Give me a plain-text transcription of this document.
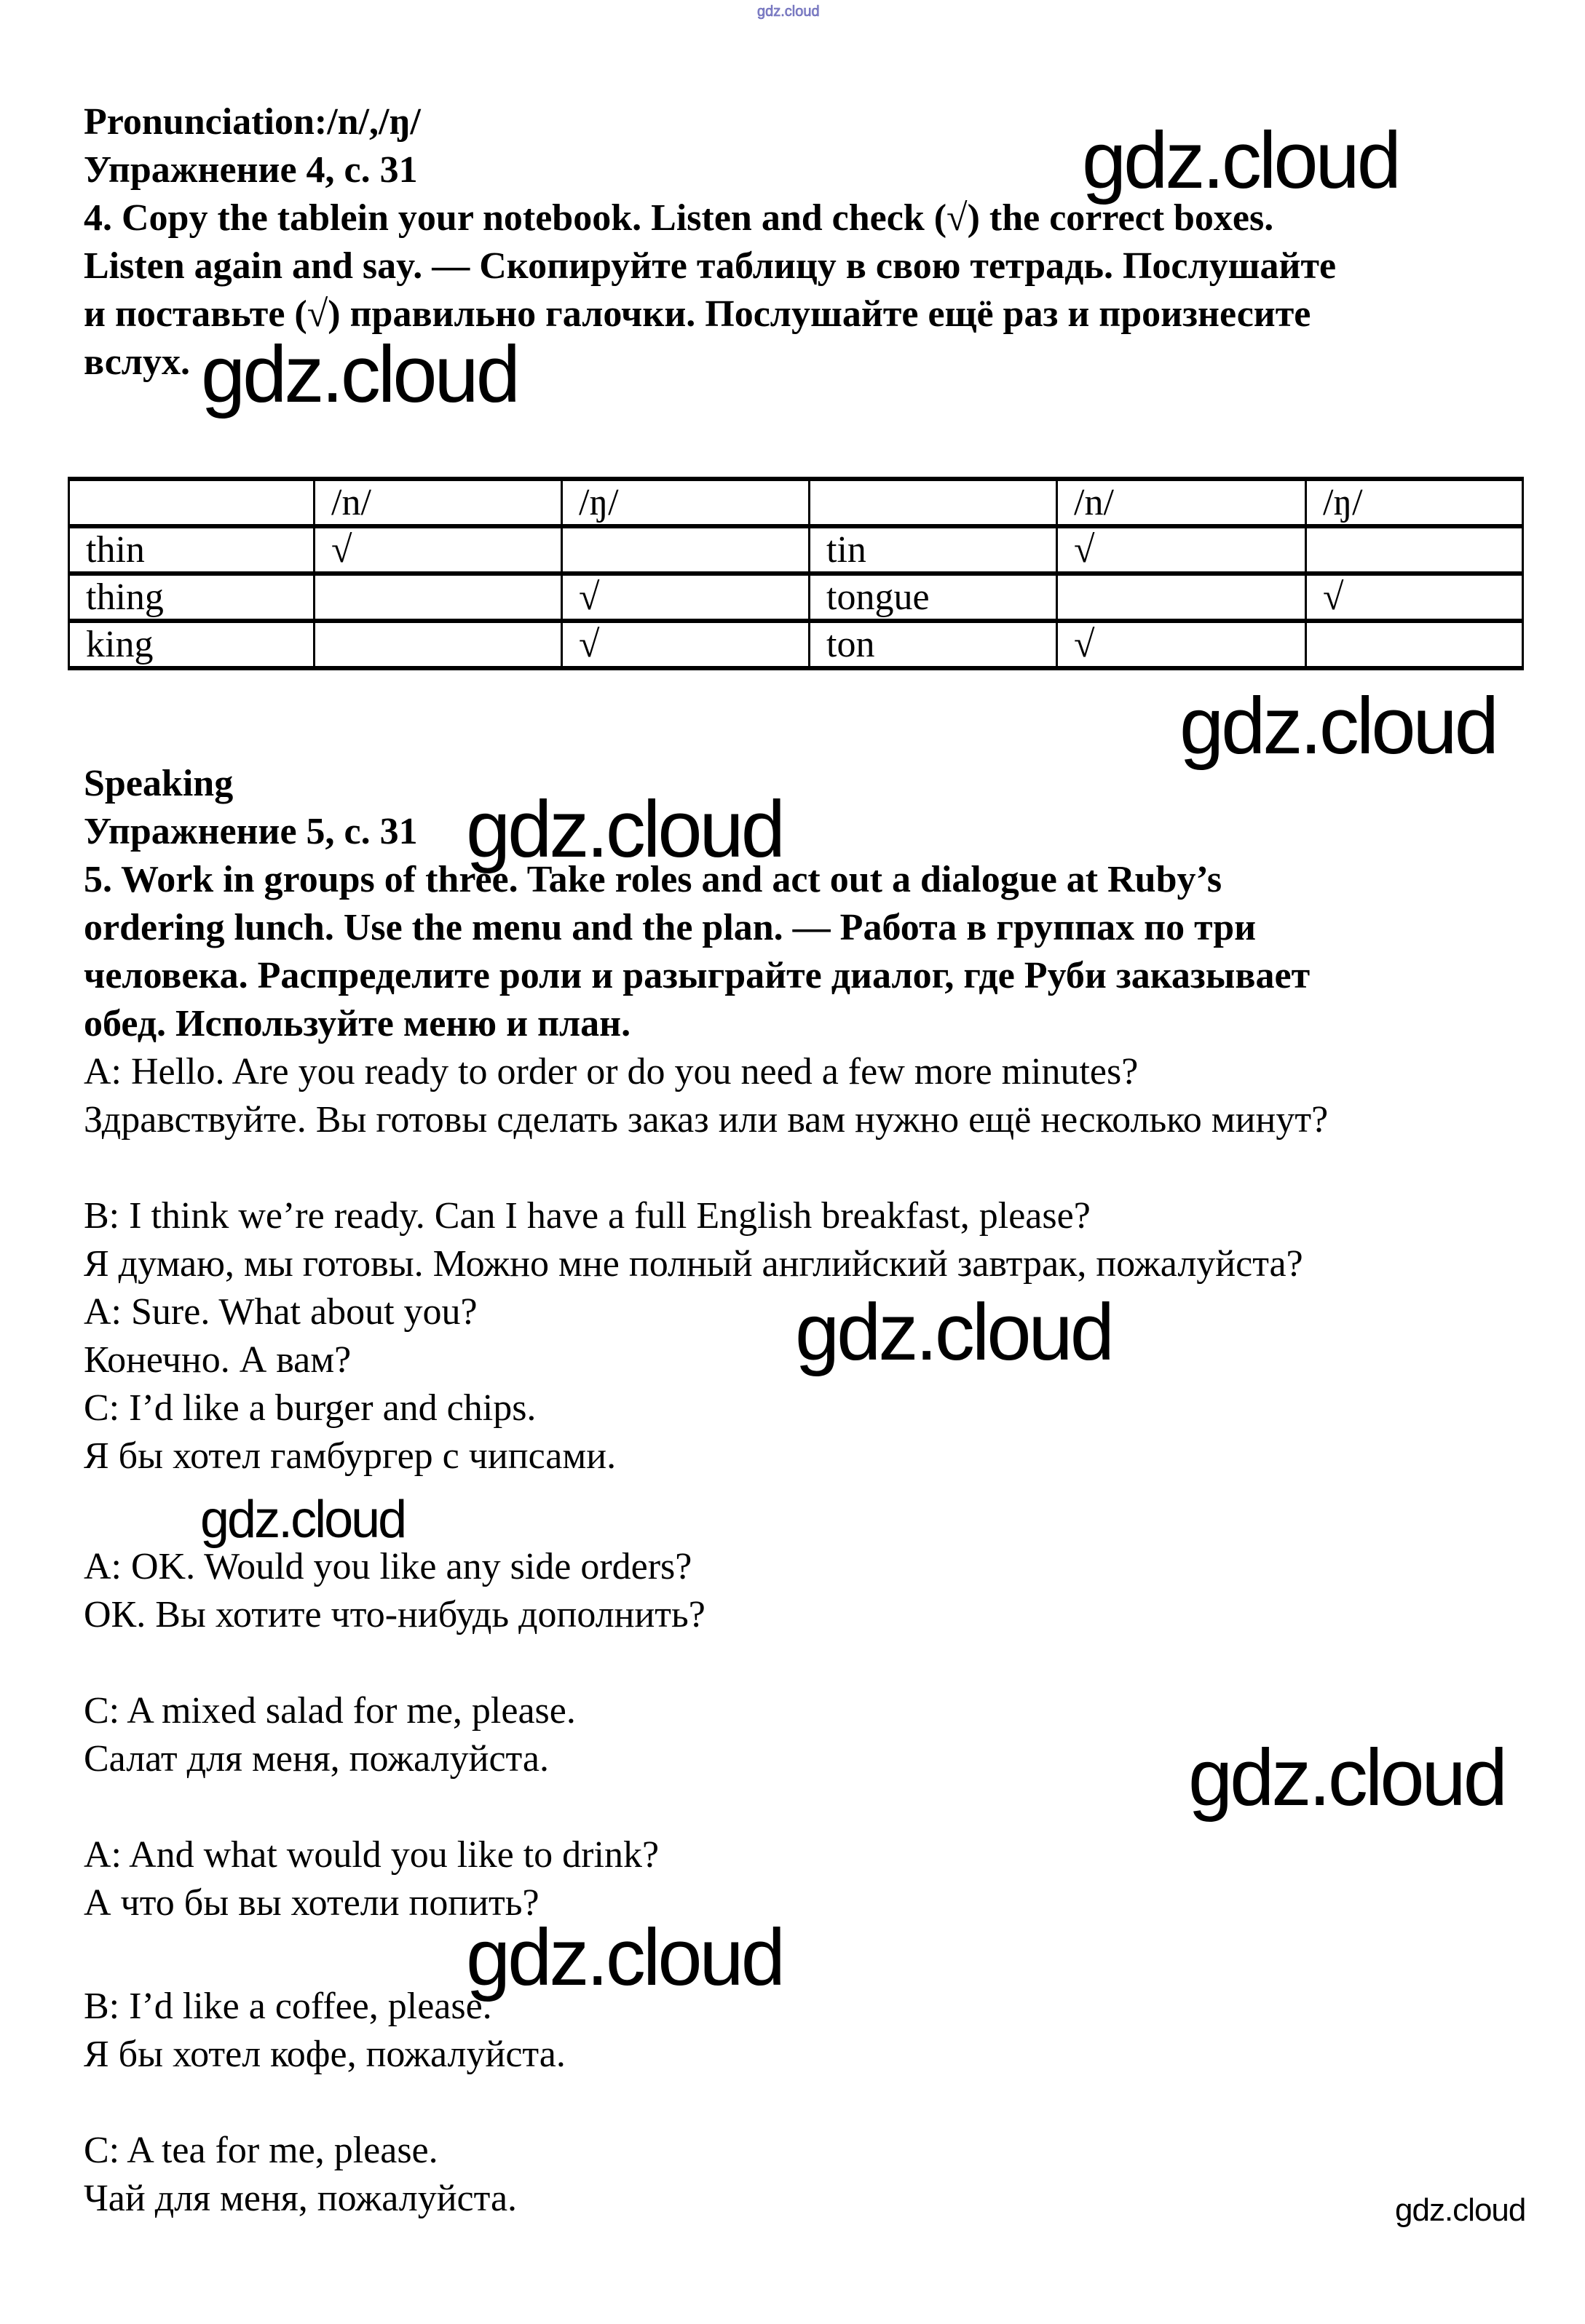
gdz.cloud
gdz.cloud
gdz.cloud
gdz.cloud
gdz.cloud
gdz.cloud
gdz.cloud
gdz.cloud
gdz.cloud
gdz.cloud
Pronunciation:/n/,/ŋ/
Упражнение 4, с. 31
4. Copy the tablein your notebook. Listen and check (√) the correct boxes.
Listen again and say. — Скопируйте таблицу в свою тетрадь. Послушайте
и поставьте (√) правильно галочки. Послушайте ещё раз и произнесите
вслух.
	/n/	/ŋ/		/n/	/ŋ/
thin	√		tin	√	
thing		√	tongue		√
king		√	ton	√	
Speaking
Упражнение 5, с. 31
5. Work in groups of three. Take roles and act out a dialogue at Ruby’s
ordering lunch. Use the menu and the plan. — Работа в группах по три
человека. Распределите роли и разыграйте диалог, где Руби заказывает
обед. Используйте меню и план.
A: Hello. Are you ready to order or do you need a few more minutes?
Здравствуйте. Вы готовы сделать заказ или вам нужно ещё несколько минут?
B: I think we’re ready. Can I have a full English breakfast, please?
Я думаю, мы готовы. Можно мне полный английский завтрак, пожалуйста?
A: Sure. What about you?
Конечно. А вам?
C: I’d like a burger and chips.
Я бы хотел гамбургер с чипсами.
A: OK. Would you like any side orders?
ОК. Вы хотите что-нибудь дополнить?
C: A mixed salad for me, please.
Салат для меня, пожалуйста.
A: And what would you like to drink?
А что бы вы хотели попить?
B: I’d like a coffee, please.
Я бы хотел кофе, пожалуйста.
C: A tea for me, please.
Чай для меня, пожалуйста.
